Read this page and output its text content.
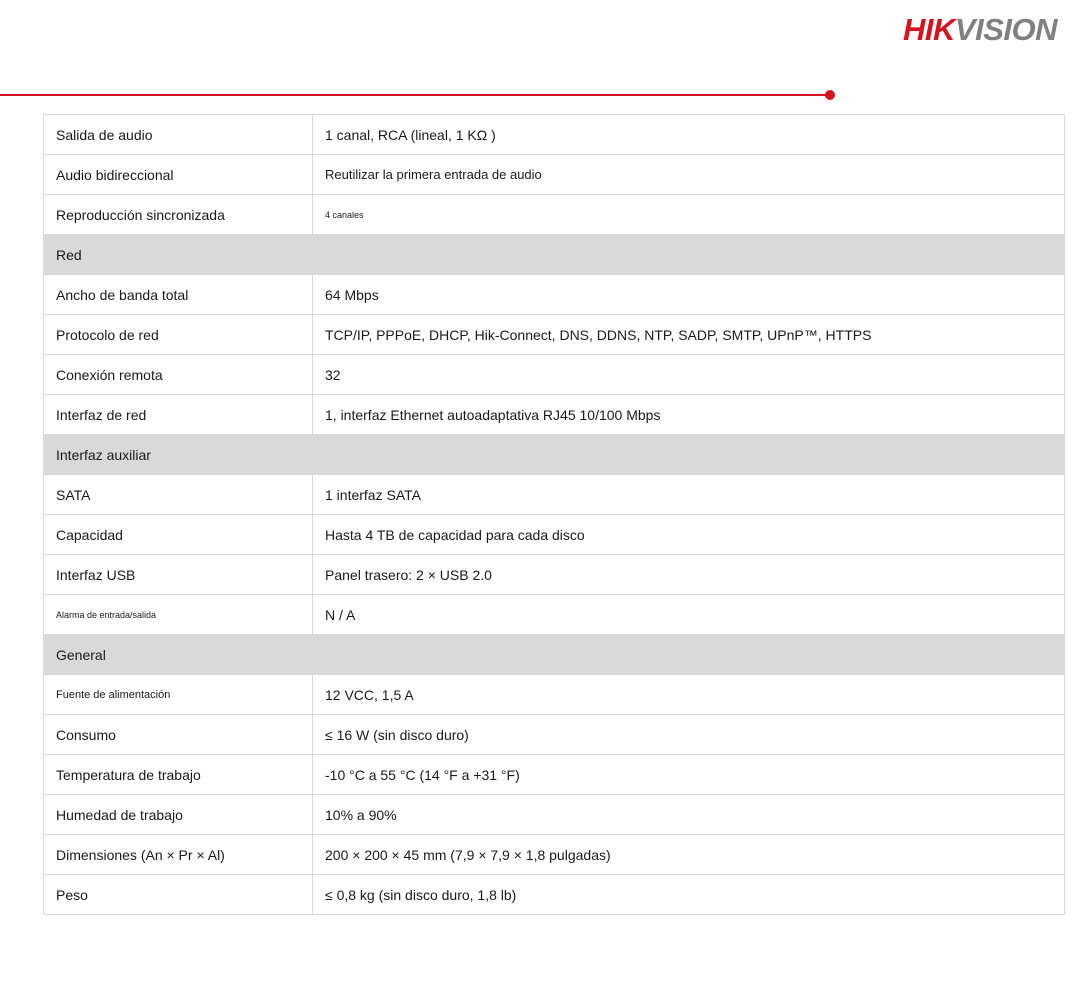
HIKVISION
Salida de audio	1 canal, RCA (lineal, 1 KΩ )
Audio bidireccional	Reutilizar la primera entrada de audio
Reproducción sincronizada	4 canales
Red	
Ancho de banda total	64 Mbps
Protocolo de red	TCP/IP, PPPoE, DHCP, Hik-Connect, DNS, DDNS, NTP, SADP, SMTP, UPnP™, HTTPS
Conexión remota	32
Interfaz de red	1, interfaz Ethernet autoadaptativa RJ45 10/100 Mbps
Interfaz auxiliar	
SATA	1 interfaz SATA
Capacidad	Hasta 4 TB de capacidad para cada disco
Interfaz USB	Panel trasero: 2 × USB 2.0
Alarma de entrada/salida	N / A
General	
Fuente de alimentación	12 VCC, 1,5 A
Consumo	≤ 16 W (sin disco duro)
Temperatura de trabajo	-10 °C a 55 °C (14 °F a +31 °F)
Humedad de trabajo	10% a 90%
Dimensiones (An × Pr × Al)	200 × 200 × 45 mm (7,9 × 7,9 × 1,8 pulgadas)
Peso	≤ 0,8 kg (sin disco duro, 1,8 lb)
